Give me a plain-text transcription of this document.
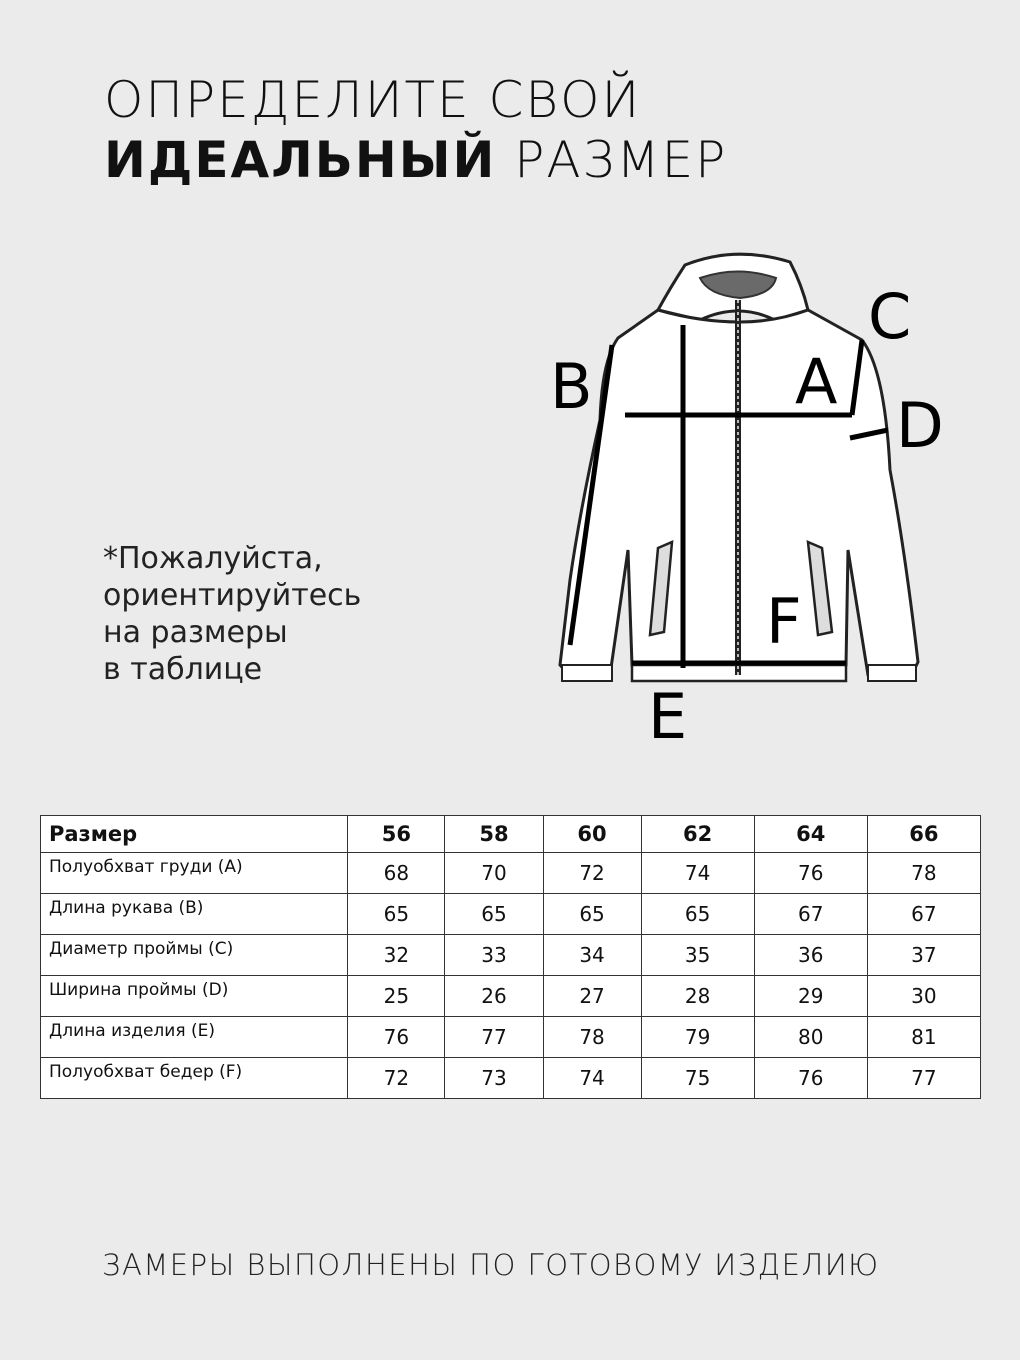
ОПРЕДЕЛИТЕ СВОЙ
ИДЕАЛЬНЫЙ РАЗМЕР
*Пожалуйста,
ориентируйтесь
на размеры
в таблице
A
B
C
D
E
F
Размер	56	58	60	62	64	66
Полуобхват груди (А)	68	70	72	74	76	78
Длина рукава (В)	65	65	65	65	67	67
Диаметр проймы (С)	32	33	34	35	36	37
Ширина проймы (D)	25	26	27	28	29	30
Длина изделия (Е)	76	77	78	79	80	81
Полуобхват бедер (F)	72	73	74	75	76	77
ЗАМЕРЫ ВЫПОЛНЕНЫ ПО ГОТОВОМУ ИЗДЕЛИЮ
